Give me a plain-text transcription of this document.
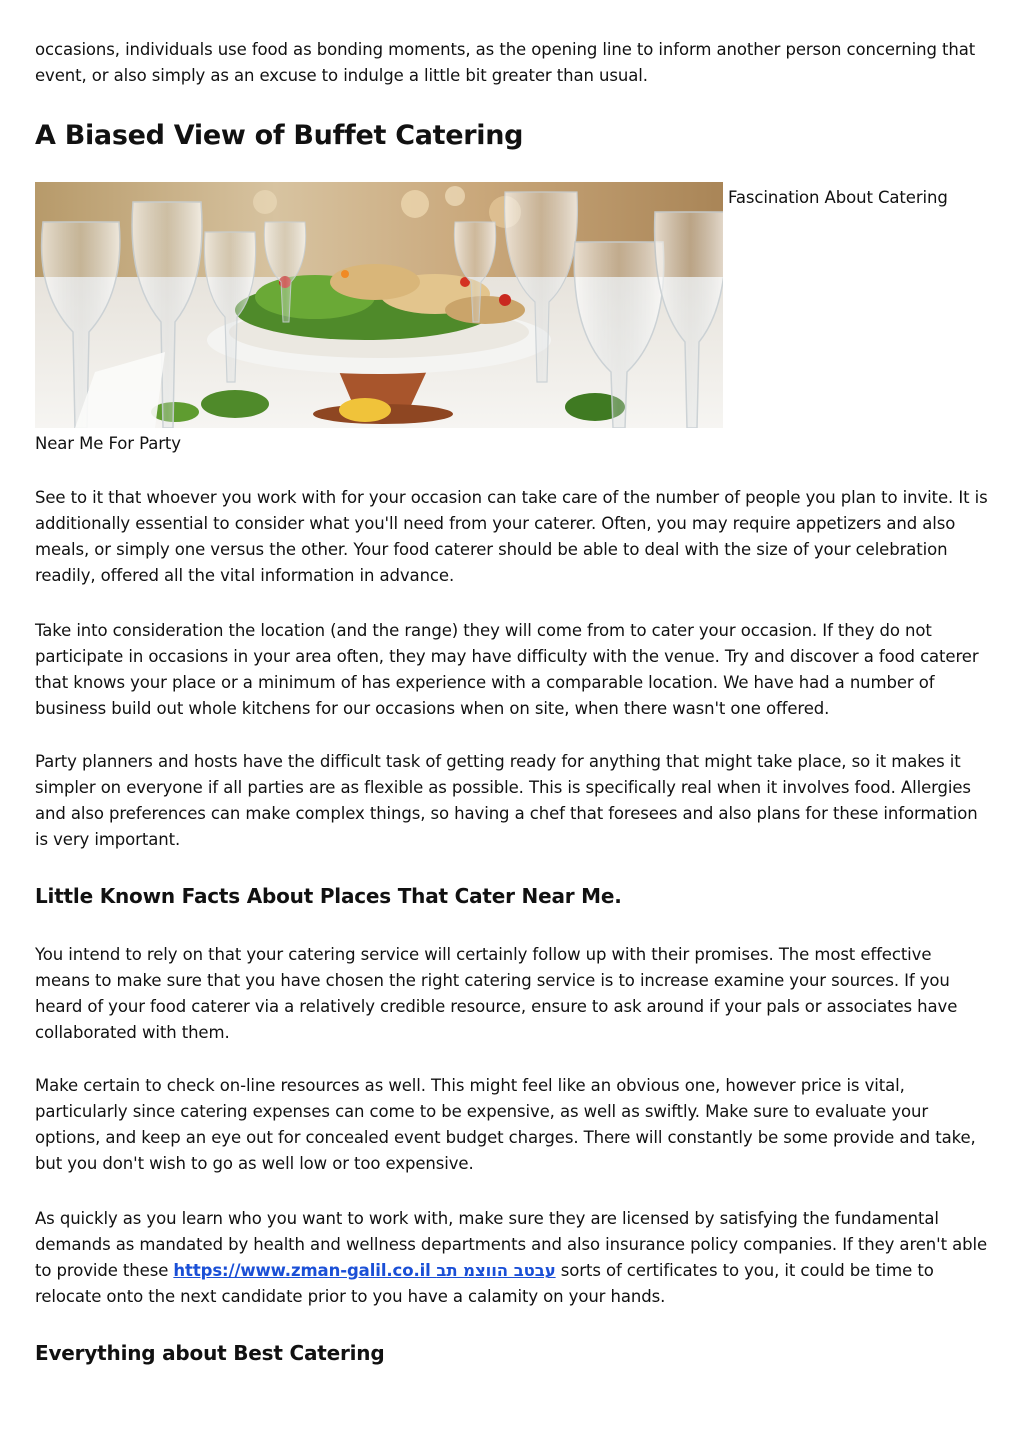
occasions, individuals use food as bonding moments, as the opening line to inform another person concerning that event, or also simply as an excuse to indulge a little bit greater than usual.

A Biased View of Buffet Catering
Fascination About Catering
Near Me For Party

See to it that whoever you work with for your occasion can take care of the number of people you plan to invite. It is additionally essential to consider what you'll need from your caterer. Often, you may require appetizers and also meals, or simply one versus the other. Your food caterer should be able to deal with the size of your celebration readily, offered all the vital information in advance.

Take into consideration the location (and the range) they will come from to cater your occasion. If they do not participate in occasions in your area often, they may have difficulty with the venue. Try and discover a food caterer that knows your place or a minimum of has experience with a comparable location. We have had a number of business build out whole kitchens for our occasions when on site, when there wasn't one offered.

Party planners and hosts have the difficult task of getting ready for anything that might take place, so it makes it simpler on everyone if all parties are as flexible as possible. This is specifically real when it involves food. Allergies and also preferences can make complex things, so having a chef that foresees and also plans for these information is very important.

Little Known Facts About Places That Cater Near Me.

You intend to rely on that your catering service will certainly follow up with their promises. The most effective means to make sure that you have chosen the right catering service is to increase examine your sources. If you heard of your food caterer via a relatively credible resource, ensure to ask around if your pals or associates have collaborated with them.

Make certain to check on-line resources as well. This might feel like an obvious one, however price is vital, particularly since catering expenses can come to be expensive, as well as swiftly. Make sure to evaluate your options, and keep an eye out for concealed event budget charges. There will constantly be some provide and take, but you don't wish to go as well low or too expensive.

As quickly as you learn who you want to work with, make sure they are licensed by satisfying the fundamental demands as mandated by health and wellness departments and also insurance policy companies. If they aren't able to provide these https://www.zman-galil.co.il עבטב הווצמ תב sorts of certificates to you, it could be time to relocate onto the next candidate prior to you have a calamity on your hands.

Everything about Best Catering
